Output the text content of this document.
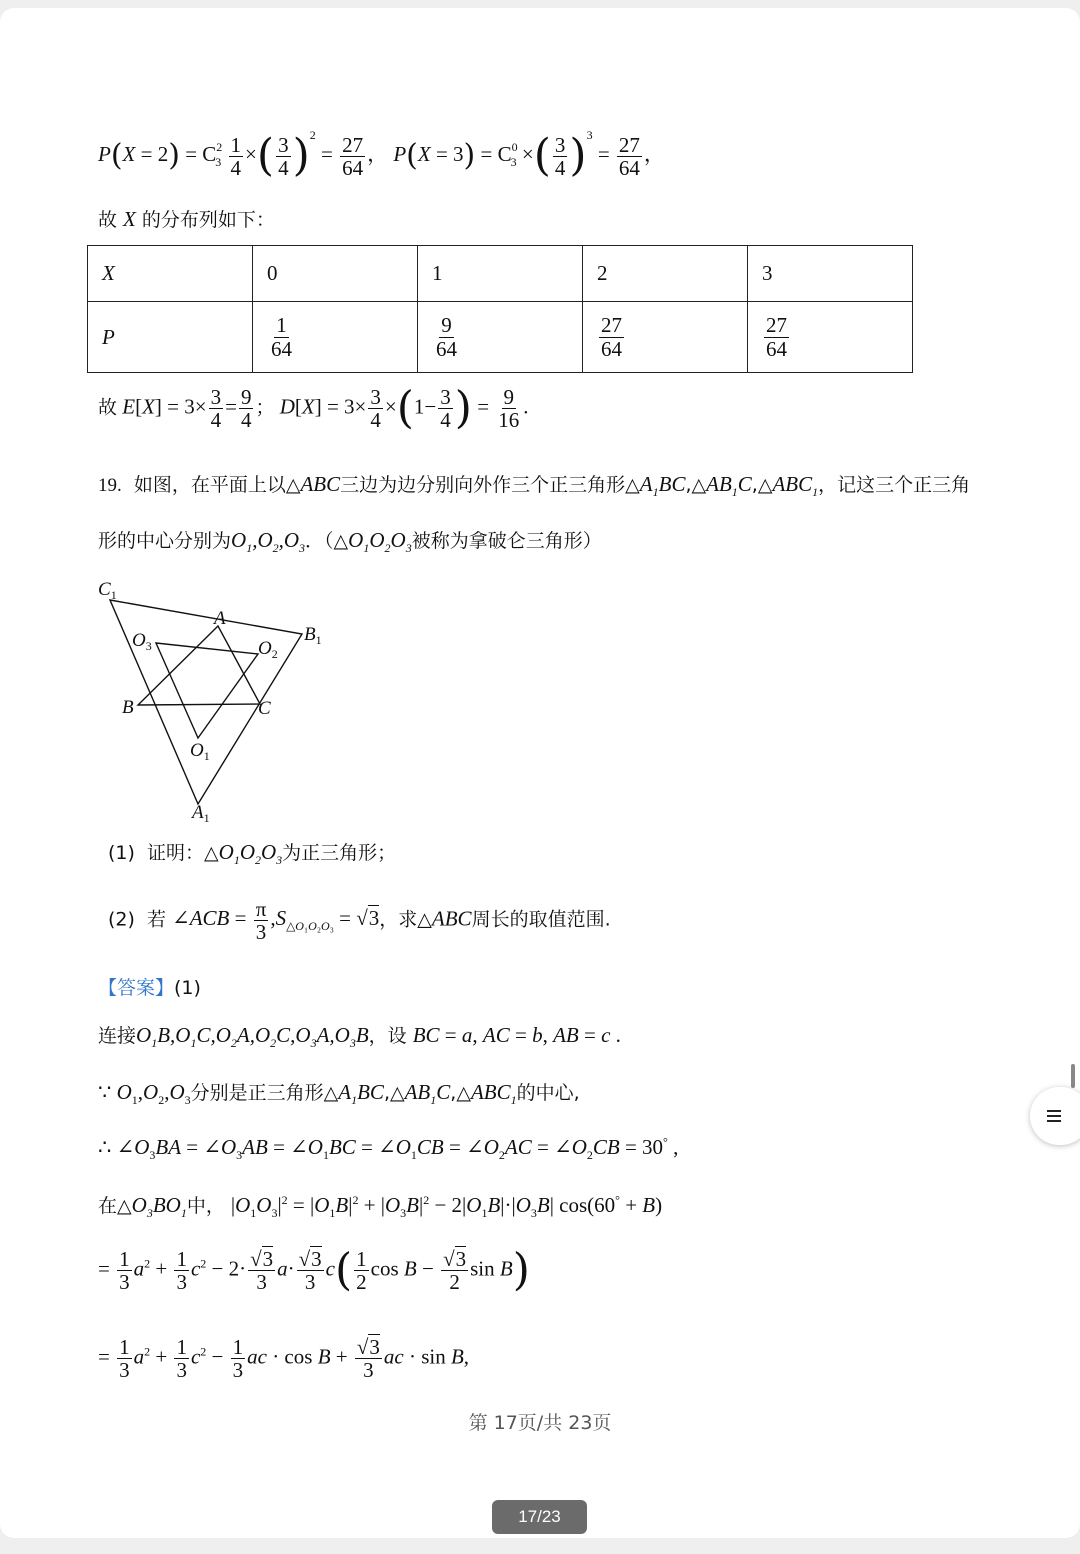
$P(X = 2) = C^2_3 \frac{1}{4}$ ×( $\frac{3}{4} )^2 = \frac{27}{64}$ ， $P(X = 3) = C^0_3$ ×( $\frac{3}{4} )^3 = \frac{27}{64}$ ，
故 X 的分布列如下：
X	0	1	2	3
P	$\frac{1}{64}$	$\frac{9}{64}$	$\frac{27}{64}$	$\frac{27}{64}$
故 $E[X] = 3\times \frac{3}{4} = \frac{9}{4}$ ； $D[X] = 3\times \frac{3}{4} \times(1- \frac{3}{4}$ ) = $\frac{9}{16}$ .
19. 如图，在平面上以△ABC三边为边分别向外作三个正三角形$\triangle A_1BC,\triangle AB_1C,\triangle ABC_1$，记这三个正三角
形的中心分别为$O_1,O_2,O_3$．（$\triangle O_1O_2O_3$被称为拿破仑三角形）
$C_1$
A
$B_1$
$O_3$	$O_2$
B	C
$O_1$
$A_1$
(1) 证明：$\triangle O_1O_2O_3$为正三角形；
(2) 若 ∠ACB = $\frac{\pi}{3} ,S_{\triangle O_1O_2O_3} = √3$，求△ABC周长的取值范围.
【答案】(1)
连接$O_1B,O_1C,O_2A,O_2C,O_3A,O_3B$，设 BC = a, AC = b, AB = c .
∵ $O_1,O_2,O_3$分别是正三角形$\triangle A_1BC,\triangle AB_1C,\triangle ABC_1$的中心,
∴ $\angle O_3BA$ = $\angle O_3AB$ = $\angle O_1BC$ = $\angle O_1CB$ = $\angle O_2AC$ = $\angle O_2CB = 30^\circ$ ,
在$\triangle O_3BO_1$中， $|O_1O_3|^2 = |O_1B|^2 + |O_3B|^2 - 2|O_1B|\cdot|O_3B|$ cos(60° + B)
= $\frac{1}{3} a^2 + \frac{1}{3} c^2 - 2\cdot \frac{√3}{3} a\cdot \frac{√3}{3} c( \frac{1}{2}$ $\cos B - \frac{√3}{2}$ sin B)
= $\frac{1}{3} a^2 + \frac{1}{3} c^2 - \frac{1}{3}$ ac · $\cos B + \frac{√3}{3}$ ac · sin B,
第 17页/共 23页
17/23
